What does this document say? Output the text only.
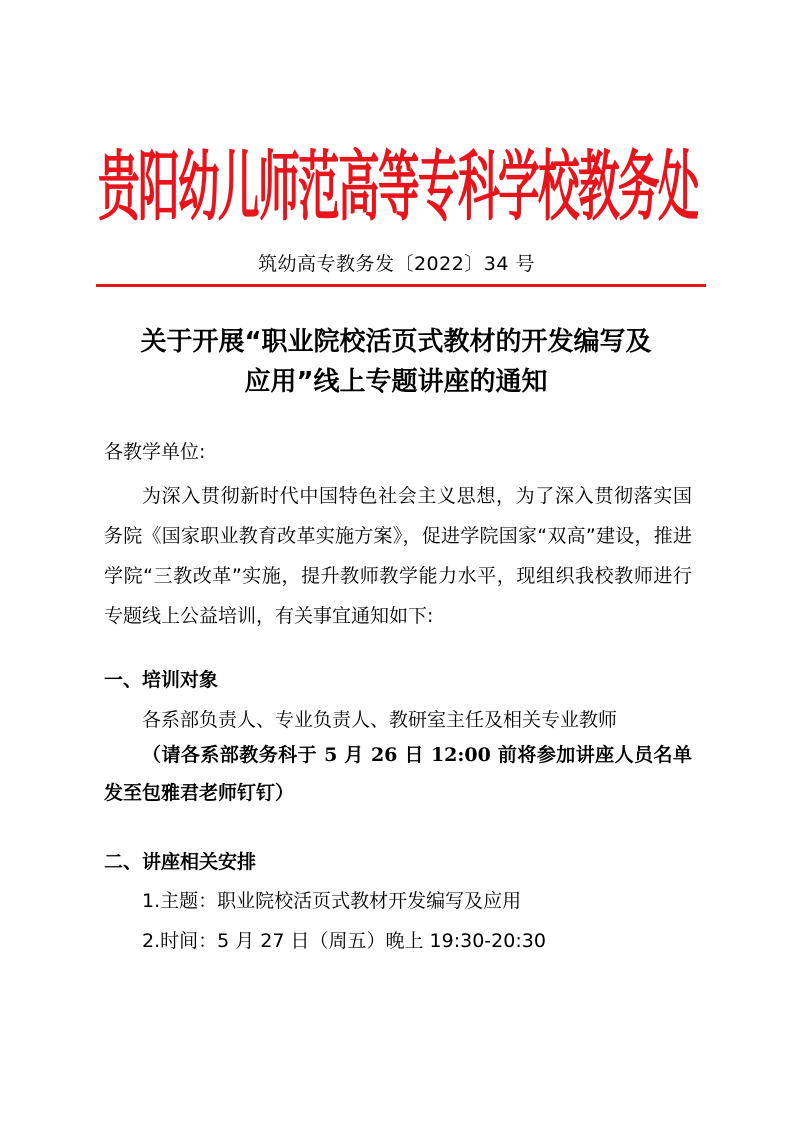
贵阳幼儿师范高等专科学校教务处
筑幼高专教务发〔2022〕34 号
关于开展“职业院校活页式教材的开发编写及
应用”线上专题讲座的通知
各教学单位:
为深入贯彻新时代中国特色社会主义思想，为了深入贯彻落实国务院《国家职业教育改革实施方案》，促进学院国家“双高”建设，推进学院“三教改革”实施，提升教师教学能力水平，现组织我校教师进行专题线上公益培训，有关事宜通知如下:
一、培训对象
各系部负责人、专业负责人、教研室主任及相关专业教师
（请各系部教务科于 5 月 26 日 12:00 前将参加讲座人员名单发至包雅君老师钉钉）
二、讲座相关安排
1.主题：职业院校活页式教材开发编写及应用
2.时间：5 月 27 日（周五）晚上 19:30-20:30
